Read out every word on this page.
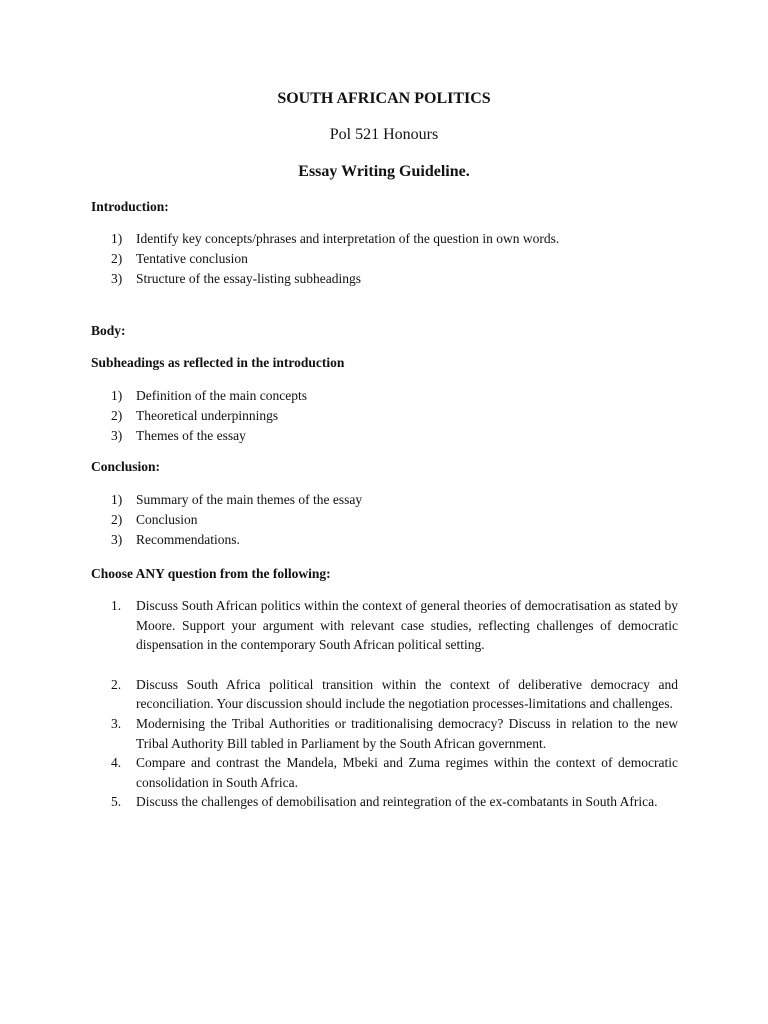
SOUTH AFRICAN POLITICS

Pol 521 Honours

Essay Writing Guideline.

Introduction:

1) Identify key concepts/phrases and interpretation of the question in own words.
2) Tentative conclusion
3) Structure of the essay-listing subheadings

Body:

Subheadings as reflected in the introduction

1) Definition of the main concepts
2) Theoretical underpinnings
3) Themes of the essay

Conclusion:

1) Summary of the main themes of the essay
2) Conclusion
3) Recommendations.

Choose ANY question from the following:

1. Discuss South African politics within the context of general theories of democratisation as stated by Moore. Support your argument with relevant case studies, reflecting challenges of democratic dispensation in the contemporary South African political setting.
2. Discuss South Africa political transition within the context of deliberative democracy and reconciliation. Your discussion should include the negotiation processes-limitations and challenges.
3. Modernising the Tribal Authorities or traditionalising democracy? Discuss in relation to the new Tribal Authority Bill tabled in Parliament by the South African government.
4. Compare and contrast the Mandela, Mbeki and Zuma regimes within the context of democratic consolidation in South Africa.
5. Discuss the challenges of demobilisation and reintegration of the ex-combatants in South Africa.
